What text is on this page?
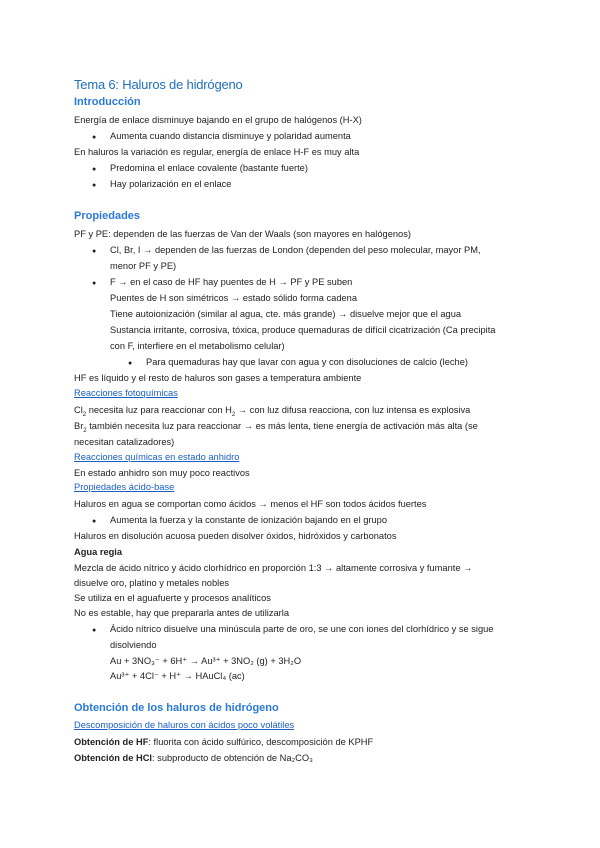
Tema 6: Haluros de hidrógeno
Introducción
Energía de enlace disminuye bajando en el grupo de halógenos (H-X)
● Aumenta cuando distancia disminuye y polaridad aumenta
En haluros la variación es regular, energía de enlace H-F es muy alta
● Predomina el enlace covalente (bastante fuerte)
● Hay polarización en el enlace
Propiedades
PF y PE: dependen de las fuerzas de Van der Waals (son mayores en halógenos)
● Cl, Br, I → dependen de las fuerzas de London (dependen del peso molecular, mayor PM,
menor PF y PE)
● F → en el caso de HF hay puentes de H → PF y PE suben
Puentes de H son simétricos → estado sólido forma cadena
Tiene autoionización (similar al agua, cte. más grande) → disuelve mejor que el agua
Sustancia irritante, corrosiva, tóxica, produce quemaduras de difícil cicatrización (Ca precipita
con F, interfiere en el metabolismo celular)
● Para quemaduras hay que lavar con agua y con disoluciones de calcio (leche)
HF es líquido y el resto de haluros son gases a temperatura ambiente
Reacciones fotoquímicas
$Cl_2$ necesita luz para reaccionar con $H_2$ → con luz difusa reacciona, con luz intensa es explosiva
$Br_2$ también necesita luz para reaccionar → es más lenta, tiene energía de activación más alta (se
necesitan catalizadores)
Reacciones químicas en estado anhidro
En estado anhidro son muy poco reactivos
Propiedades ácido-base
Haluros en agua se comportan como ácidos → menos el HF son todos ácidos fuertes
● Aumenta la fuerza y la constante de ionización bajando en el grupo
Haluros en disolución acuosa pueden disolver óxidos, hidróxidos y carbonatos
Agua regia
Mezcla de ácido nítrico y ácido clorhídrico en proporción 1:3 → altamente corrosiva y fumante →
disuelve oro, platino y metales nobles
Se utiliza en el aguafuerte y procesos analíticos
No es estable, hay que prepararla antes de utilizarla
● Ácido nítrico disuelve una minúscula parte de oro, se une con iones del clorhídrico y se sigue
disolviendo
Au + 3NO₃⁻ + 6H⁺ → Au³⁺ + 3NO₂ (g) + 3H₂O
Au³⁺ + 4Cl⁻ + H⁺ → HAuCl₄ (ac)
Obtención de los haluros de hidrógeno
Descomposición de haluros con ácidos poco volátiles
Obtención de HF: fluorita con ácido sulfúrico, descomposición de KPHF
Obtención de HCl: subproducto de obtención de Na₂CO₃
